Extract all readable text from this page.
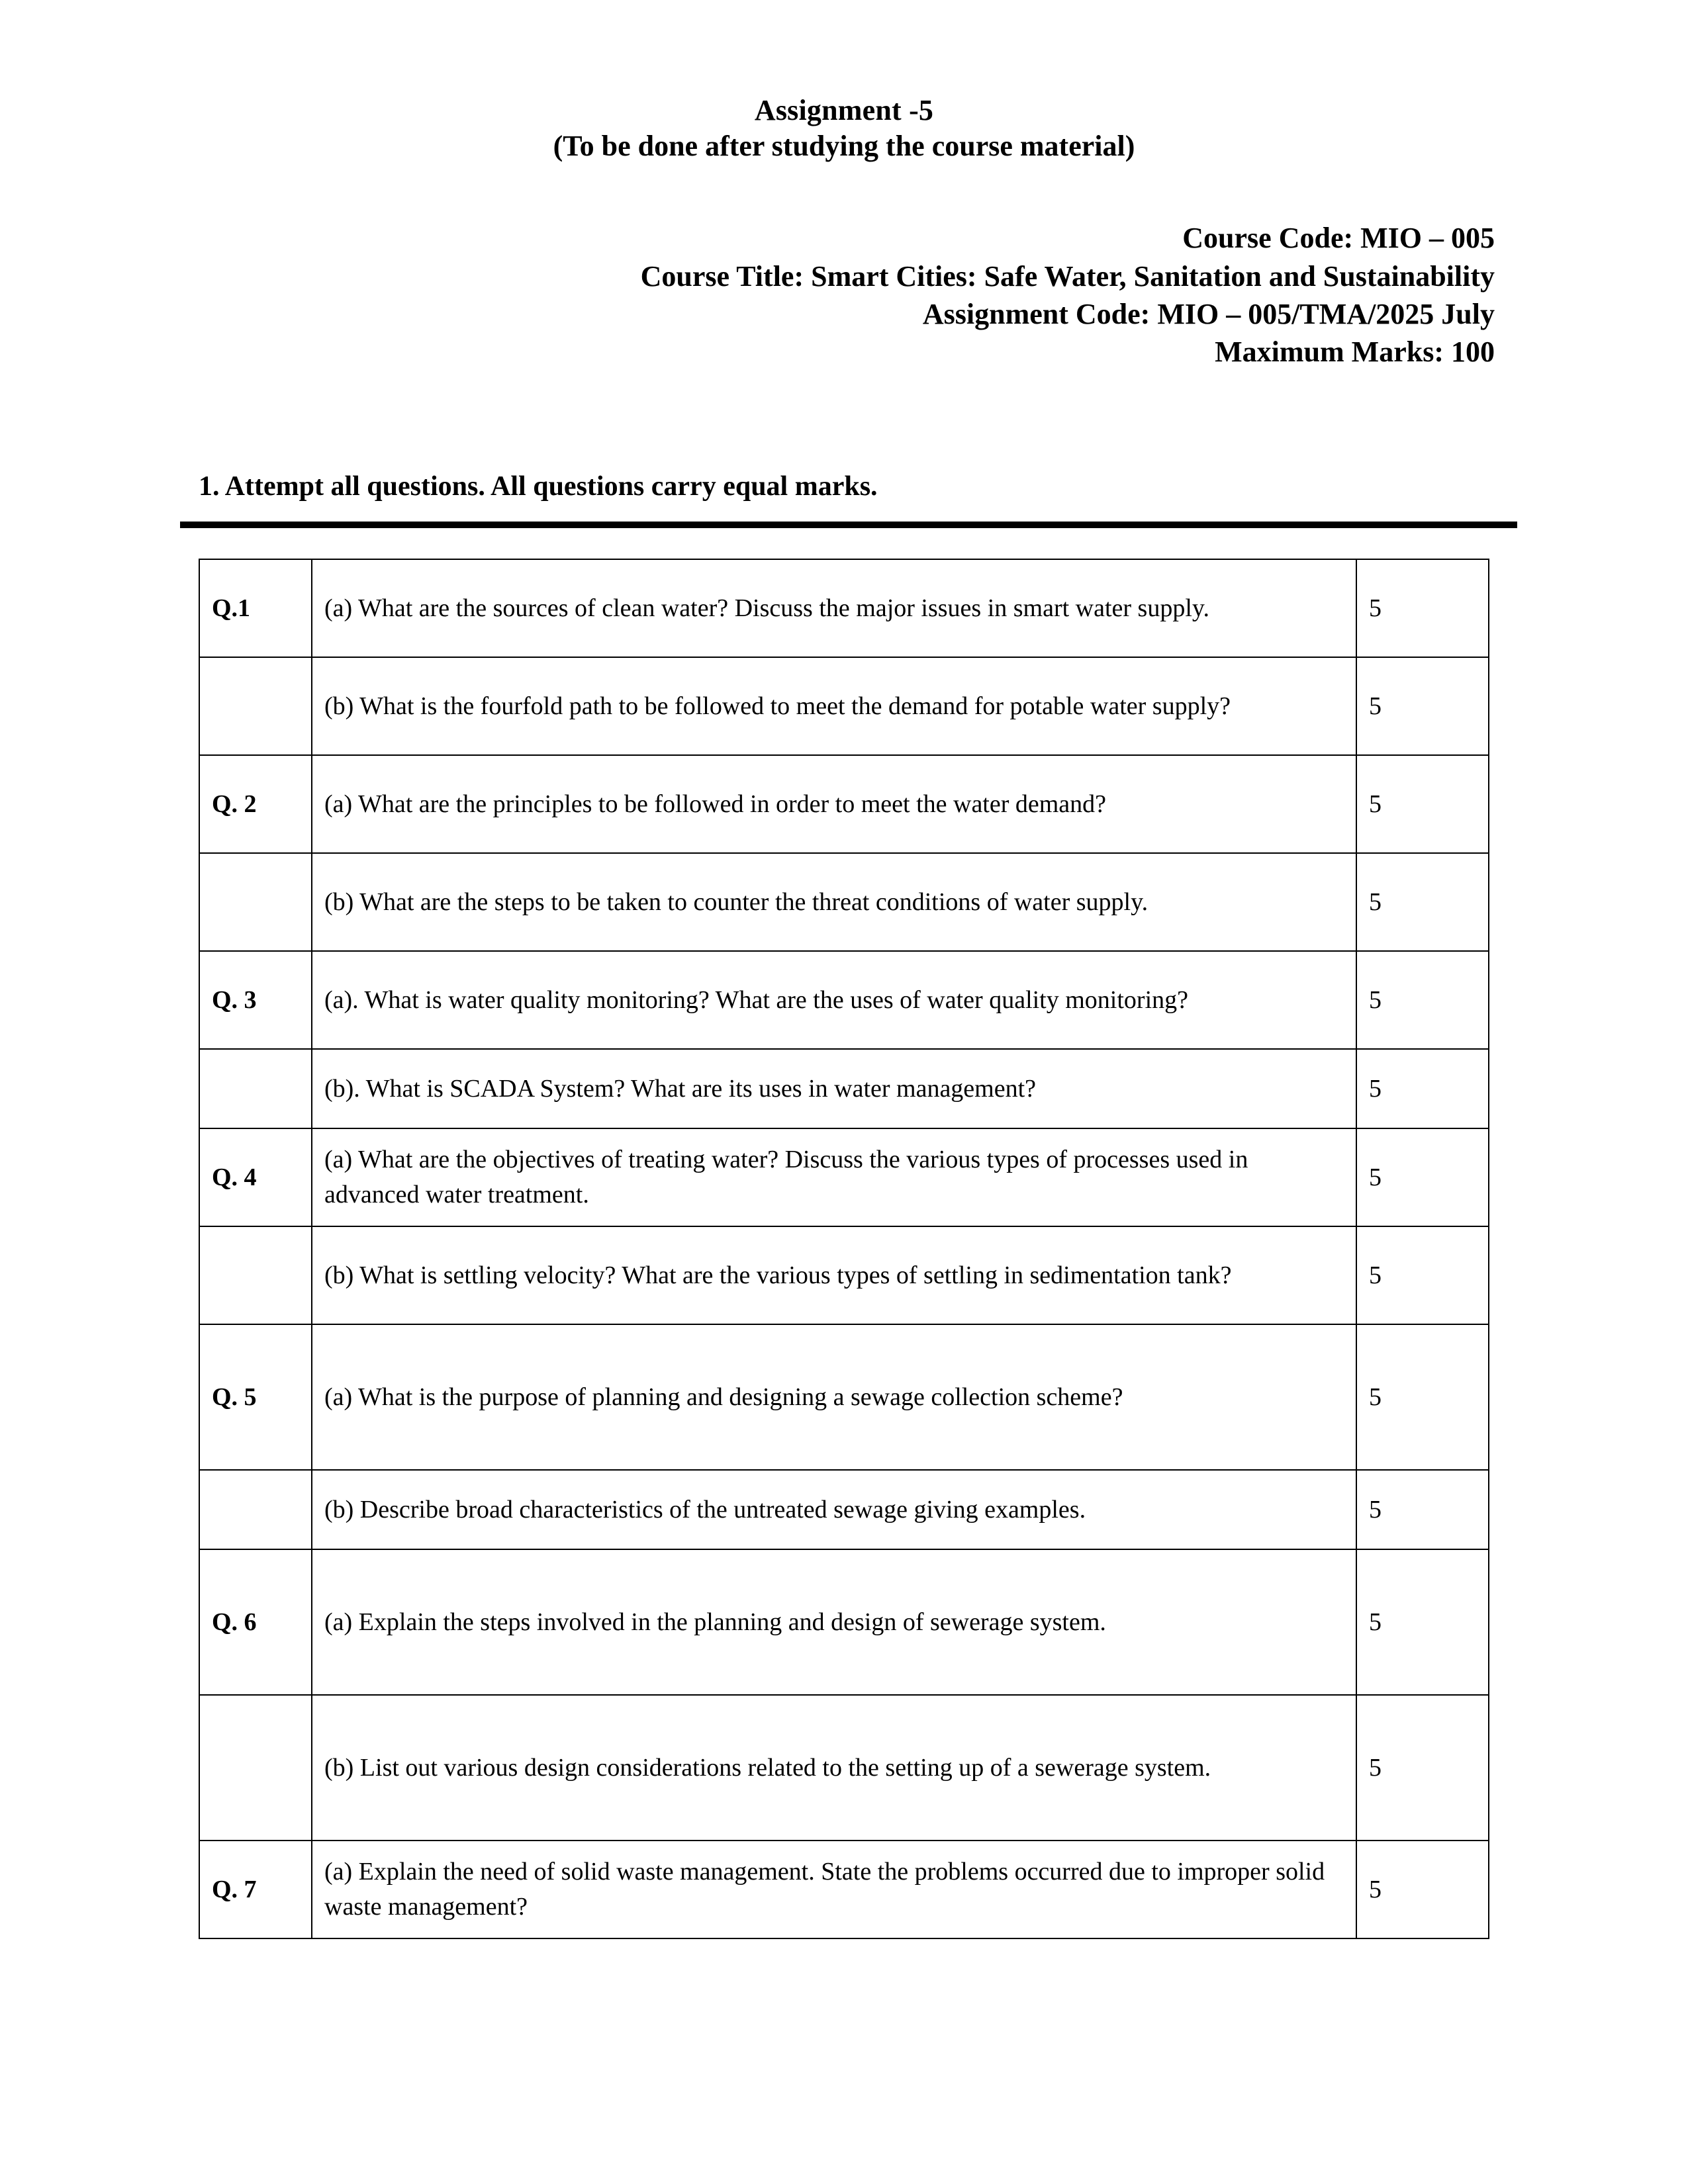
Assignment -5
(To be done after studying the course material)
Course Code: MIO – 005
Course Title: Smart Cities: Safe Water, Sanitation and Sustainability
Assignment Code: MIO – 005/TMA/2025 July
Maximum Marks: 100
1. Attempt all questions. All questions carry equal marks.
Q.1	(a) What are the sources of clean water? Discuss the major issues in smart water supply.	5
	(b) What is the fourfold path to be followed to meet the demand for potable water supply?	5
Q. 2	(a) What are the principles to be followed in order to meet the water demand?	5
	(b) What are the steps to be taken to counter the threat conditions of water supply.	5
Q. 3	(a). What is water quality monitoring? What are the uses of water quality monitoring?	5
	(b). What is SCADA System? What are its uses in water management?	5
Q. 4	(a) What are the objectives of treating water? Discuss the various types of processes used in advanced water treatment.	5
	(b) What is settling velocity? What are the various types of settling in sedimentation tank?	5
Q. 5	(a) What is the purpose of planning and designing a sewage collection scheme?	5
	(b) Describe broad characteristics of the untreated sewage giving examples.	5
Q. 6	(a) Explain the steps involved in the planning and design of sewerage system.	5
	(b) List out various design considerations related to the setting up of a sewerage system.	5
Q. 7	(a) Explain the need of solid waste management. State the problems occurred due to improper solid waste management?	5
